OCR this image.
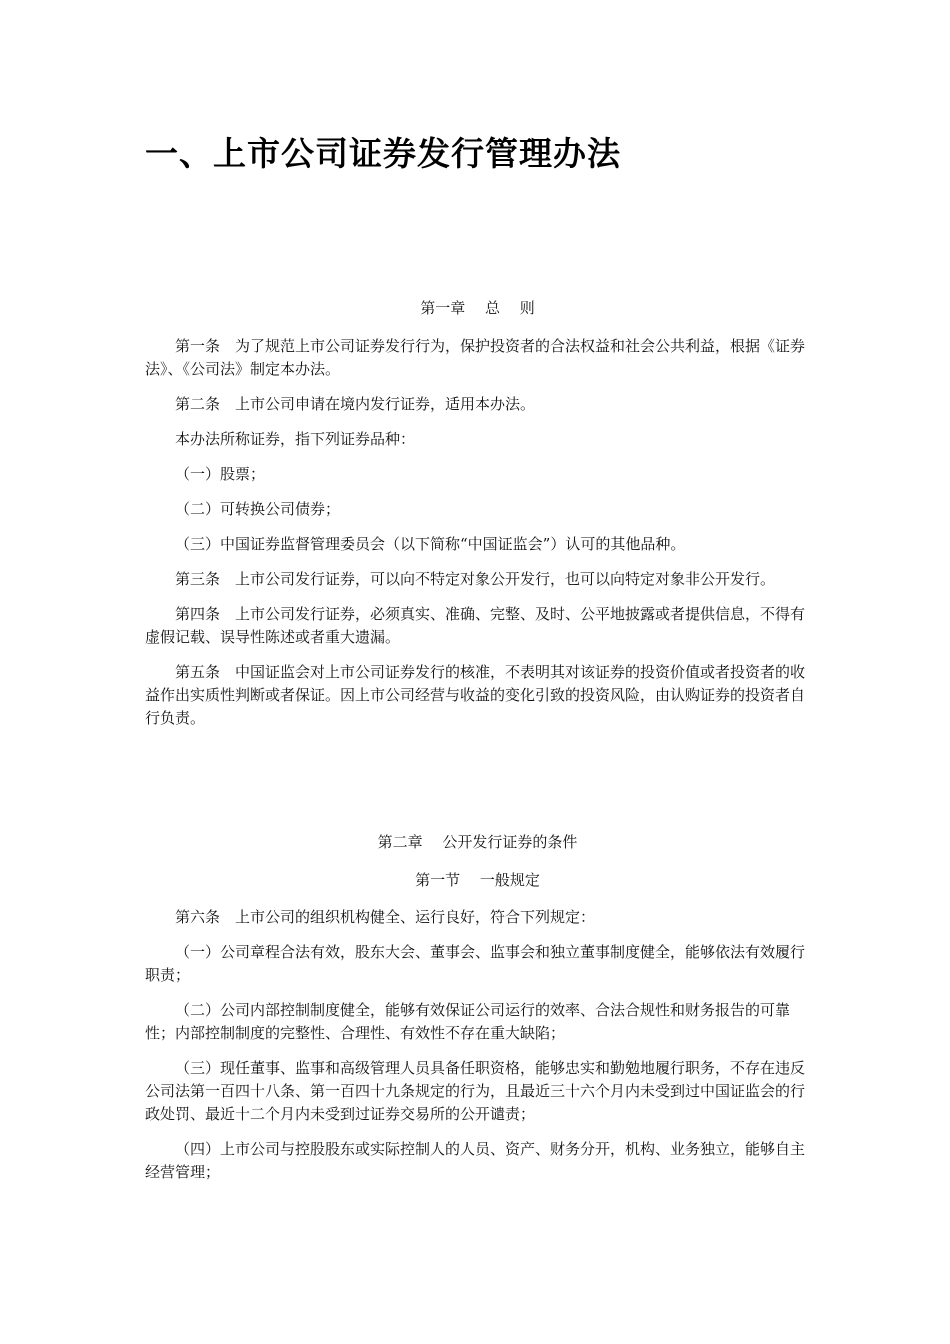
一、上市公司证券发行管理办法
第一章　 总　 则

第一条　为了规范上市公司证券发行行为，保护投资者的合法权益和社会公共利益，根据《证券法》、《公司法》制定本办法。

第二条　上市公司申请在境内发行证券，适用本办法。

本办法所称证券，指下列证券品种：

（一）股票；

（二）可转换公司债券；

（三）中国证券监督管理委员会（以下简称“中国证监会”）认可的其他品种。

第三条　上市公司发行证券，可以向不特定对象公开发行，也可以向特定对象非公开发行。

第四条　上市公司发行证券，必须真实、准确、完整、及时、公平地披露或者提供信息，不得有虚假记载、误导性陈述或者重大遗漏。

第五条　中国证监会对上市公司证券发行的核准，不表明其对该证券的投资价值或者投资者的收益作出实质性判断或者保证。因上市公司经营与收益的变化引致的投资风险，由认购证券的投资者自行负责。

第二章　 公开发行证券的条件
第一节　 一般规定

第六条　上市公司的组织机构健全、运行良好，符合下列规定：

（一）公司章程合法有效，股东大会、董事会、监事会和独立董事制度健全，能够依法有效履行职责；

（二）公司内部控制制度健全，能够有效保证公司运行的效率、合法合规性和财务报告的可靠性；内部控制制度的完整性、合理性、有效性不存在重大缺陷；

（三）现任董事、监事和高级管理人员具备任职资格，能够忠实和勤勉地履行职务，不存在违反公司法第一百四十八条、第一百四十九条规定的行为，且最近三十六个月内未受到过中国证监会的行政处罚、最近十二个月内未受到过证券交易所的公开谴责；

（四）上市公司与控股股东或实际控制人的人员、资产、财务分开，机构、业务独立，能够自主经营管理；
